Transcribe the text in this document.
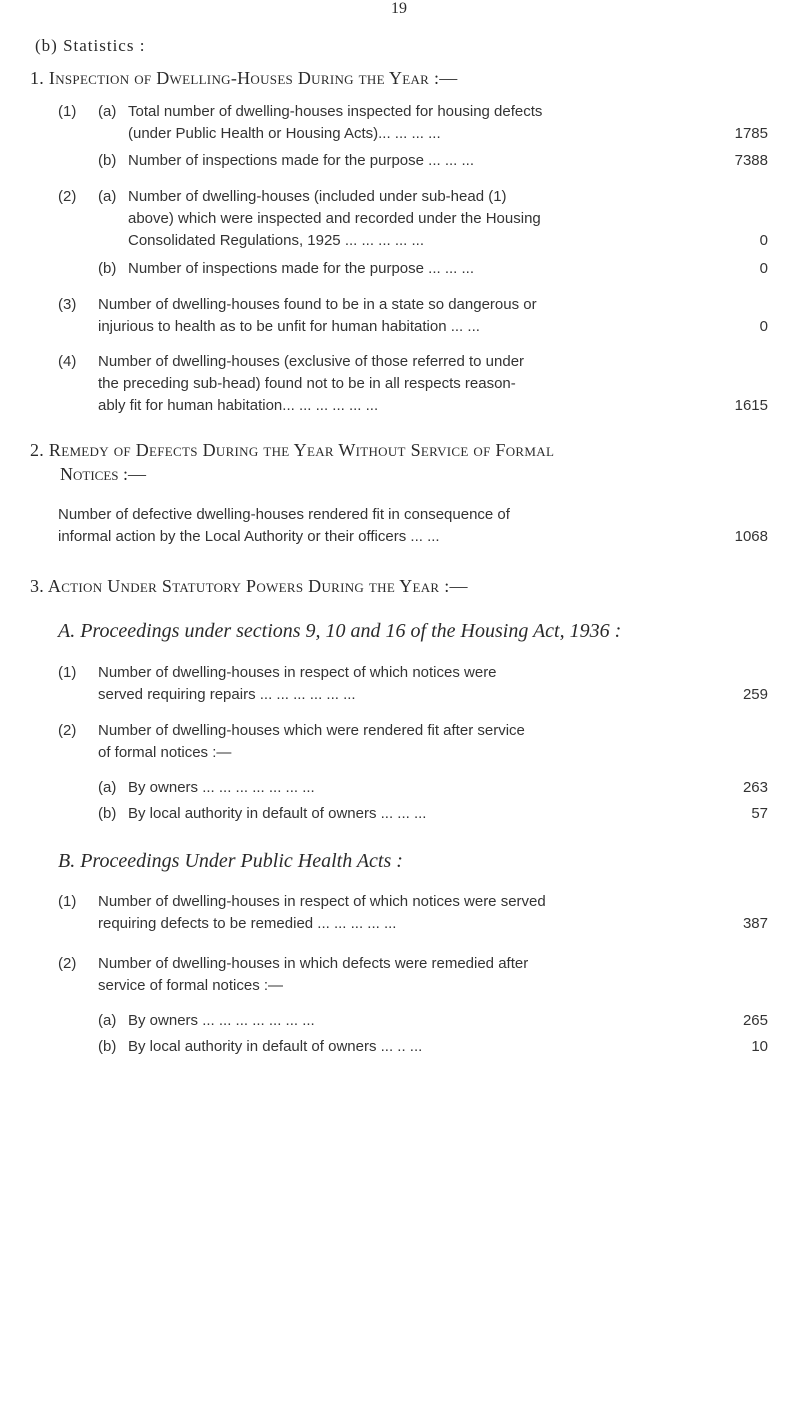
19
(b) Statistics :
1. Inspection of Dwelling-Houses During the Year :—
(1) (a) Total number of dwelling-houses inspected for housing defects
(under Public Health or Housing Acts)... ... ... ...	1785
(b) Number of inspections made for the purpose ... ... ...	7388
(2) (a) Number of dwelling-houses (included under sub-head (1)
above) which were inspected and recorded under the Housing
Consolidated Regulations, 1925 ... ... ... ... ...	0
(b) Number of inspections made for the purpose ... ... ...	0
(3) Number of dwelling-houses found to be in a state so dangerous or
injurious to health as to be unfit for human habitation ... ...	0
(4) Number of dwelling-houses (exclusive of those referred to under
the preceding sub-head) found not to be in all respects reason-
ably fit for human habitation... ... ... ... ... ...	1615
2. Remedy of Defects During the Year Without Service of Formal
Notices :—
Number of defective dwelling-houses rendered fit in consequence of
informal action by the Local Authority or their officers ... ...	1068
3. Action Under Statutory Powers During the Year :—
A. Proceedings under sections 9, 10 and 16 of the Housing Act, 1936 :
(1) Number of dwelling-houses in respect of which notices were
served requiring repairs ... ... ... ... ... ...	259
(2) Number of dwelling-houses which were rendered fit after service
of formal notices :—
(a) By owners ... ... ... ... ... ... ...	263
(b) By local authority in default of owners ... ... ...	57
B. Proceedings Under Public Health Acts :
(1) Number of dwelling-houses in respect of which notices were served
requiring defects to be remedied ... ... ... ... ...	387
(2) Number of dwelling-houses in which defects were remedied after
service of formal notices :—
(a) By owners ... ... ... ... ... ... ...	265
(b) By local authority in default of owners ... .. ...	10
